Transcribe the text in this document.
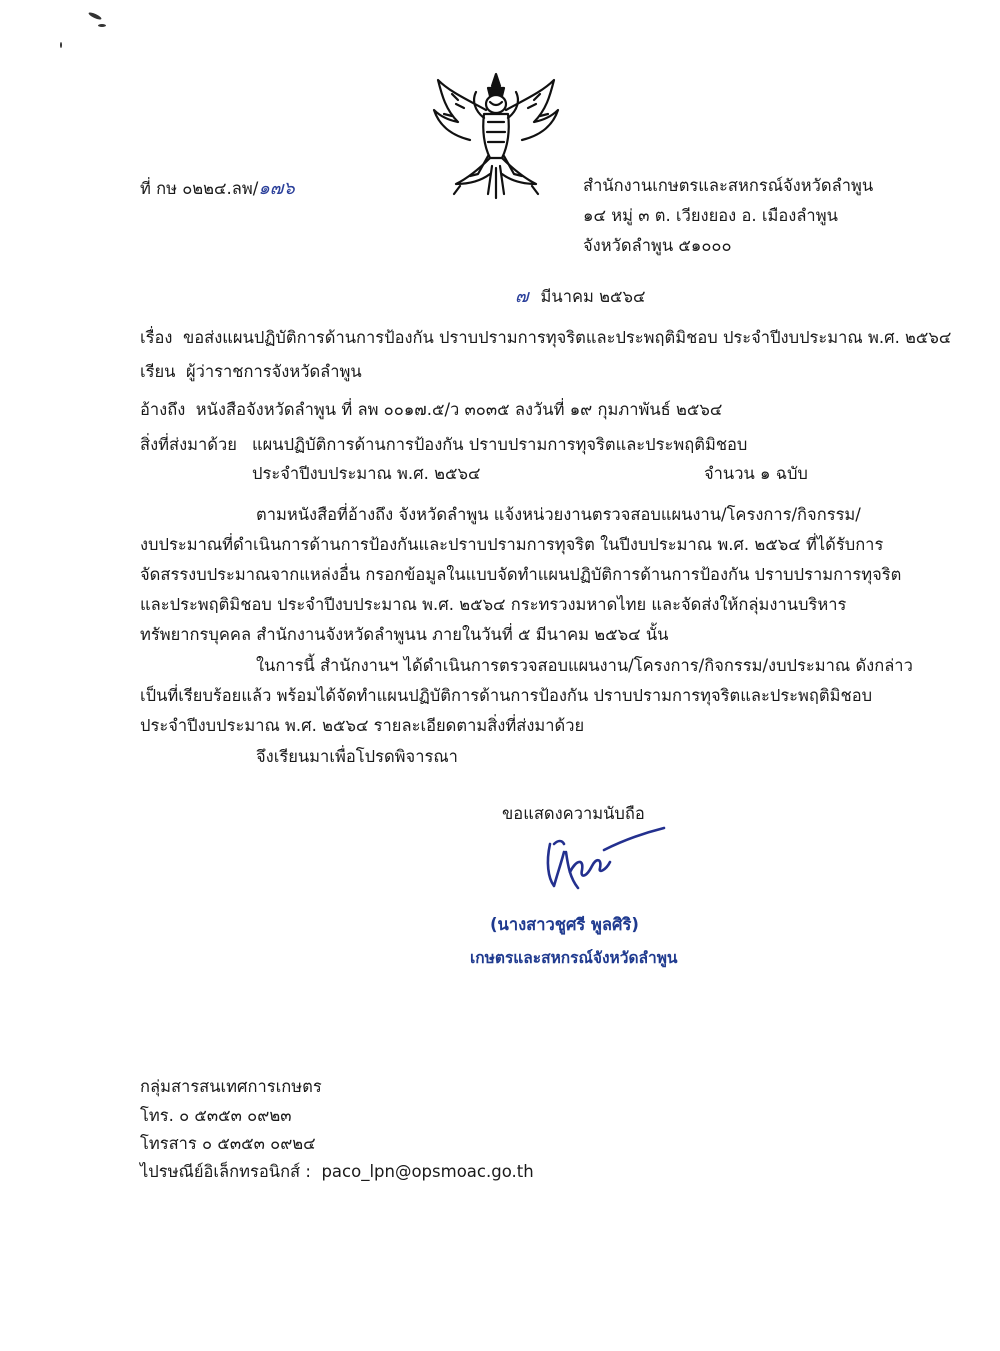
ที่ กษ ๐๒๒๔.ลพ/๑๗๖	สำนักงานเกษตรและสหกรณ์จังหวัดลำพูน
๑๔ หมู่ ๓ ต. เวียงยอง อ. เมืองลำพูน
จังหวัดลำพูน ๕๑๐๐๐
๗ มีนาคม ๒๕๖๔
เรื่อง ขอส่งแผนปฏิบัติการด้านการป้องกัน ปราบปรามการทุจริตและประพฤติมิชอบ ประจำปีงบประมาณ พ.ศ. ๒๕๖๔
เรียน ผู้ว่าราชการจังหวัดลำพูน
อ้างถึง หนังสือจังหวัดลำพูน ที่ ลพ ๐๐๑๗.๕/ว ๓๐๓๕ ลงวันที่ ๑๙ กุมภาพันธ์ ๒๕๖๔
สิ่งที่ส่งมาด้วย แผนปฏิบัติการด้านการป้องกัน ปราบปรามการทุจริตและประพฤติมิชอบ
ประจำปีงบประมาณ พ.ศ. ๒๕๖๔	จำนวน ๑ ฉบับ
ตามหนังสือที่อ้างถึง จังหวัดลำพูน แจ้งหน่วยงานตรวจสอบแผนงาน/โครงการ/กิจกรรม/
งบประมาณที่ดำเนินการด้านการป้องกันและปราบปรามการทุจริต ในปีงบประมาณ พ.ศ. ๒๕๖๔ ที่ได้รับการ
จัดสรรงบประมาณจากแหล่งอื่น กรอกข้อมูลในแบบจัดทำแผนปฏิบัติการด้านการป้องกัน ปราบปรามการทุจริต
และประพฤติมิชอบ ประจำปีงบประมาณ พ.ศ. ๒๕๖๔ กระทรวงมหาดไทย และจัดส่งให้กลุ่มงานบริหาร
ทรัพยากรบุคคล สำนักงานจังหวัดลำพูนน ภายในวันที่ ๕ มีนาคม ๒๕๖๔ นั้น
ในการนี้ สำนักงานฯ ได้ดำเนินการตรวจสอบแผนงาน/โครงการ/กิจกรรม/งบประมาณ ดังกล่าว
เป็นที่เรียบร้อยแล้ว พร้อมได้จัดทำแผนปฏิบัติการด้านการป้องกัน ปราบปรามการทุจริตและประพฤติมิชอบ
ประจำปีงบประมาณ พ.ศ. ๒๕๖๔ รายละเอียดตามสิ่งที่ส่งมาด้วย
จึงเรียนมาเพื่อโปรดพิจารณา
ขอแสดงความนับถือ
(นางสาวชูศรี พูลศิริ)
เกษตรและสหกรณ์จังหวัดลำพูน
กลุ่มสารสนเทศการเกษตร
โทร. ๐ ๕๓๕๓ ๐๙๒๓
โทรสาร ๐ ๕๓๕๓ ๐๙๒๔
ไปรษณีย์อิเล็กทรอนิกส์ : paco_lpn@opsmoac.go.th
